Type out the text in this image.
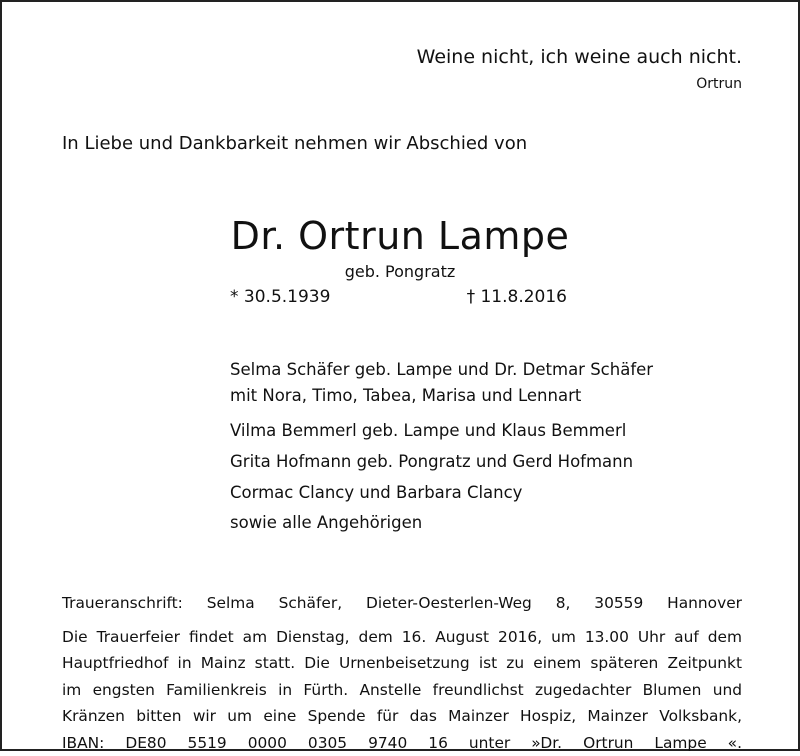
Weine nicht, ich weine auch nicht.
Ortrun
In Liebe und Dankbarkeit nehmen wir Abschied von
Dr. Ortrun Lampe
geb. Pongratz
* 30.5.1939	† 11.8.2016
Selma Schäfer geb. Lampe und Dr. Detmar Schäfer
mit Nora, Timo, Tabea, Marisa und Lennart
Vilma Bemmerl geb. Lampe und Klaus Bemmerl
Grita Hofmann geb. Pongratz und Gerd Hofmann
Cormac Clancy und Barbara Clancy
sowie alle Angehörigen
Traueranschrift: Selma Schäfer, Dieter-Oesterlen-Weg 8, 30559 Hannover
Die Trauerfeier findet am Dienstag, dem 16. August 2016, um 13.00 Uhr auf dem
Hauptfriedhof in Mainz statt. Die Urnenbeisetzung ist zu einem späteren Zeitpunkt
im engsten Familienkreis in Fürth. Anstelle freundlichst zugedachter Blumen und
Kränzen bitten wir um eine Spende für das Mainzer Hospiz, Mainzer Volksbank,
IBAN: DE80 5519 0000 0305 9740 16 unter »Dr. Ortrun Lampe «.
